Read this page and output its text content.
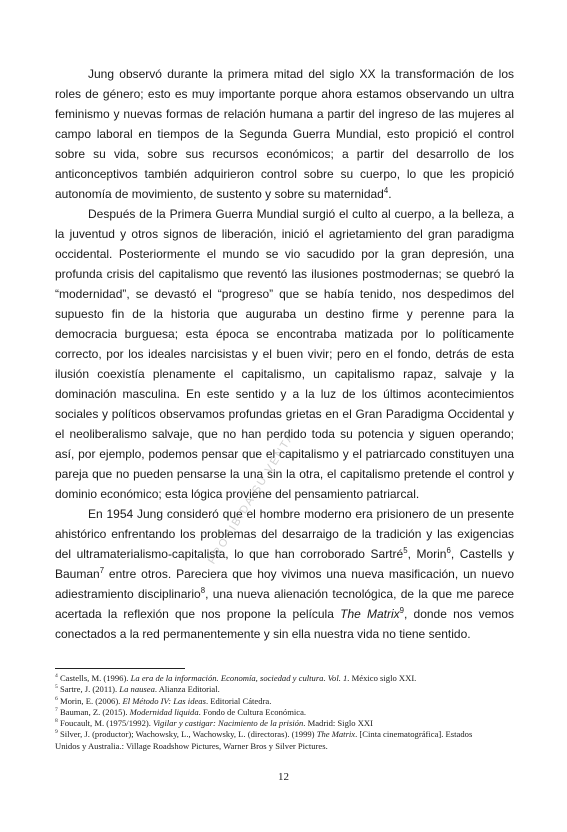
Jung observó durante la primera mitad del siglo XX la transformación de los roles de género; esto es muy importante porque ahora estamos observando un ultra feminismo y nuevas formas de relación humana a partir del ingreso de las mujeres al campo laboral en tiempos de la Segunda Guerra Mundial, esto propició el control sobre su vida, sobre sus recursos económicos; a partir del desarrollo de los anticonceptivos también adquirieron control sobre su cuerpo, lo que les propició autonomía de movimiento, de sustento y sobre su maternidad$^4$.

Después de la Primera Guerra Mundial surgió el culto al cuerpo, a la belleza, a la juventud y otros signos de liberación, inició el agrietamiento del gran paradigma occidental. Posteriormente el mundo se vio sacudido por la gran depresión, una profunda crisis del capitalismo que reventó las ilusiones postmodernas; se quebró la “modernidad”, se devastó el “progreso” que se había tenido, nos despedimos del supuesto fin de la historia que auguraba un destino firme y perenne para la democracia burguesa; esta época se encontraba matizada por lo políticamente correcto, por los ideales narcisistas y el buen vivir; pero en el fondo, detrás de esta ilusión coexistía plenamente el capitalismo, un capitalismo rapaz, salvaje y la dominación masculina. En este sentido y a la luz de los últimos acontecimientos sociales y políticos observamos profundas grietas en el Gran Paradigma Occidental y el neoliberalismo salvaje, que no han perdido toda su potencia y siguen operando; así, por ejemplo, podemos pensar que el capitalismo y el patriarcado constituyen una pareja que no pueden pensarse la una sin la otra, el capitalismo pretende el control y dominio económico; esta lógica proviene del pensamiento patriarcal.

En 1954 Jung consideró que el hombre moderno era prisionero de un presente ahistórico enfrentando los problemas del desarraigo de la tradición y las exigencias del ultramaterialismo-capitalista, lo que han corroborado Sartré$^5$, Morin$^6$, Castells y Bauman$^7$ entre otros. Pareciera que hoy vivimos una nueva masificación, un nuevo adiestramiento disciplinario$^8$, una nueva alienación tecnológica, de la que me parece acertada la reflexión que nos propone la película The Matrix$^9$, donde nos vemos conectados a la red permanentemente y sin ella nuestra vida no tiene sentido.

PROHIBIDA SU VENTA

$^4$ Castells, M. (1996). La era de la información. Economía, sociedad y cultura. Vol. 1. México siglo XXI.

$^5$ Sartre, J. (2011). La nausea. Alianza Editorial.

$^6$ Morin, E. (2006). El Método IV: Las ideas. Editorial Cátedra.

$^7$ Bauman, Z. (2015). Modernidad liquida. Fondo de Cultura Económica.

$^8$ Foucault, M. (1975/1992). Vigilar y castigar: Nacimiento de la prisión. Madrid: Siglo XXI

$^9$ Silver, J. (productor); Wachowsky, L., Wachowsky, L. (directoras). (1999) The Matrix. [Cinta cinematográfica]. Estados Unidos y Australia.: Village Roadshow Pictures, Warner Bros y Silver Pictures.

12
